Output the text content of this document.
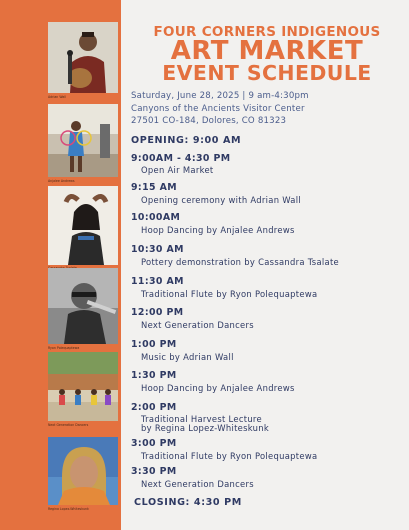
Adrian Wall
Anjalee Andrews
Ryon Polequaptewa
Next Generation Dancers
Regina Lopez-Whiteskunk
FOUR CORNERS INDIGENOUS
ART MARKET
EVENT SCHEDULE
Saturday, June 28, 2025 | 9 am-4:30pm
Canyons of the Ancients Visitor Center
27501 CO-184, Dolores, CO 81323
OPENING: 9:00 AM
9:00AM - 4:30 PM
Open Air Market
9:15 AM
Opening ceremony with Adrian Wall
10:00AM
Hoop Dancing by Anjalee Andrews
10:30 AM
Pottery demonstration by Cassandra Tsalate
11:30 AM
Traditional Flute by Ryon Polequaptewa
12:00 PM
Next Generation Dancers
1:00 PM
Music by Adrian Wall
1:30 PM
Hoop Dancing by Anjalee Andrews
2:00 PM
Traditional Harvest Lecture
by Regina Lopez-Whiteskunk
3:00 PM
Traditional Flute by Ryon Polequaptewa
3:30 PM
Next Generation Dancers
CLOSING: 4:30 PM
